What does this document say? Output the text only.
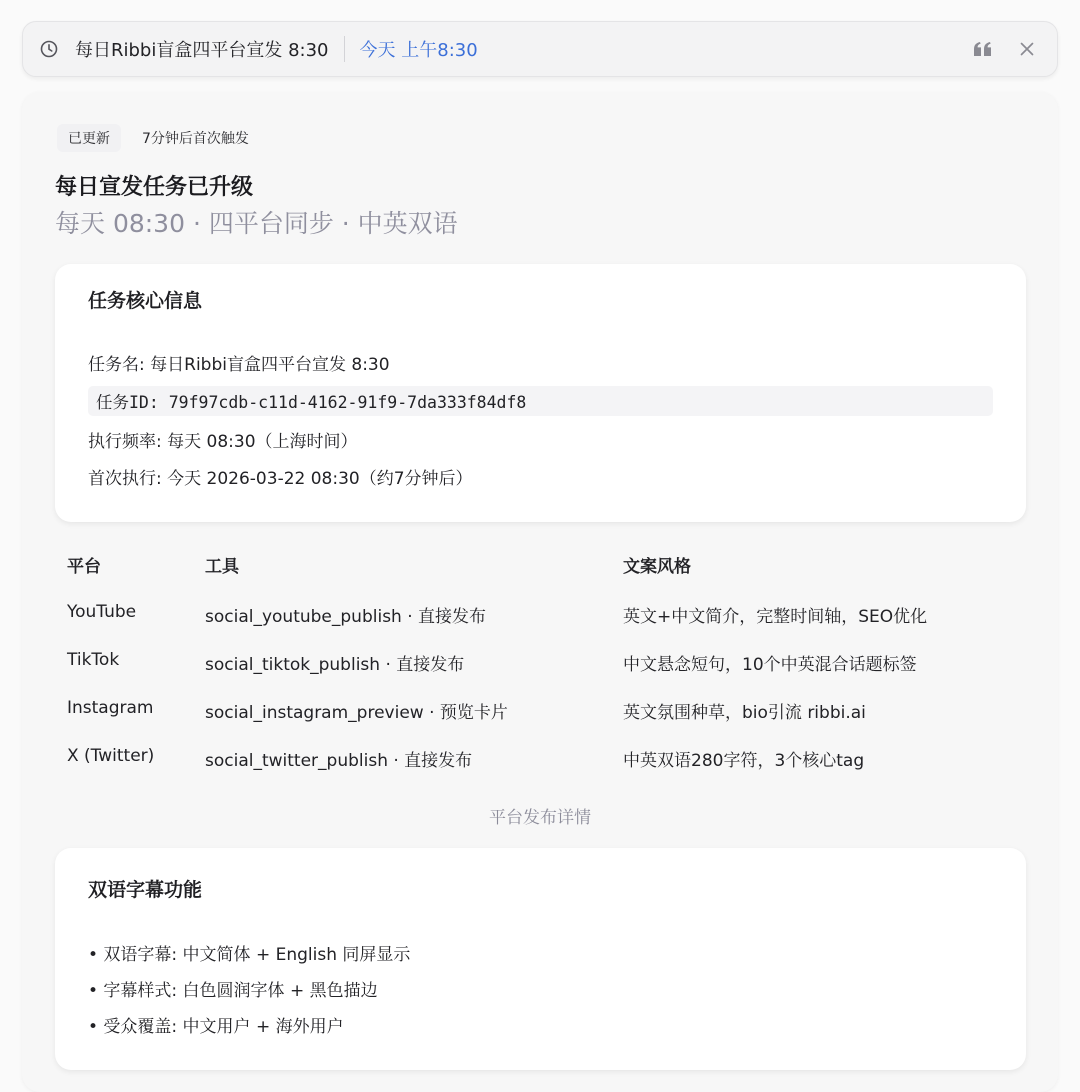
每日Ribbi盲盒四平台宣发 8:30 今天 上午8:30
已更新	7分钟后首次触发
每日宣发任务已升级
每天 08:30 · 四平台同步 · 中英双语
任务核心信息
任务名: 每日Ribbi盲盒四平台宣发 8:30
任务ID: 79f97cdb-c11d-4162-91f9-7da333f84df8
执行频率: 每天 08:30（上海时间）
首次执行: 今天 2026-03-22 08:30（约7分钟后）
平台	工具	文案风格
YouTube	social_youtube_publish · 直接发布	英文+中文简介，完整时间轴，SEO优化
TikTok	social_tiktok_publish · 直接发布	中文悬念短句，10个中英混合话题标签
Instagram	social_instagram_preview · 预览卡片	英文氛围种草，bio引流 ribbi.ai
X (Twitter)	social_twitter_publish · 直接发布	中英双语280字符，3个核心tag
平台发布详情
双语字幕功能
• 双语字幕: 中文简体 + English 同屏显示
• 字幕样式: 白色圆润字体 + 黑色描边
• 受众覆盖: 中文用户 + 海外用户
